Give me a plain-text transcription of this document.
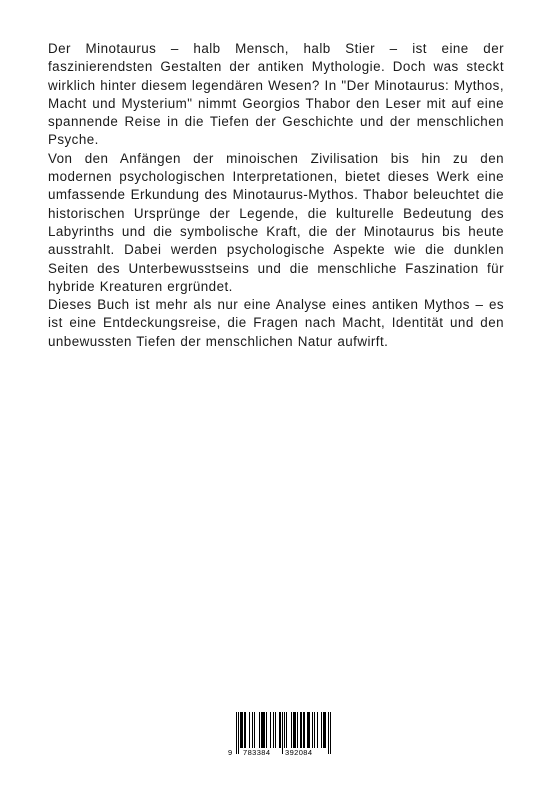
Der Minotaurus – halb Mensch, halb Stier – ist eine der faszinierendsten Gestalten der antiken Mythologie. Doch was steckt wirklich hinter diesem legendären Wesen? In "Der Minotaurus: Mythos, Macht und Mysterium" nimmt Georgios Thabor den Leser mit auf eine spannende Reise in die Tiefen der Geschichte und der menschlichen Psyche.

Von den Anfängen der minoischen Zivilisation bis hin zu den modernen psychologischen Interpretationen, bietet dieses Werk eine umfassende Erkundung des Minotaurus-Mythos. Thabor beleuchtet die historischen Ursprünge der Legende, die kulturelle Bedeutung des Labyrinths und die symbolische Kraft, die der Minotaurus bis heute ausstrahlt. Dabei werden psychologische Aspekte wie die dunklen Seiten des Unterbewusstseins und die menschliche Faszination für hybride Kreaturen ergründet.

Dieses Buch ist mehr als nur eine Analyse eines antiken Mythos – es ist eine Entdeckungsreise, die Fragen nach Macht, Identität und den unbewussten Tiefen der menschlichen Natur aufwirft.

9 783384 392084
